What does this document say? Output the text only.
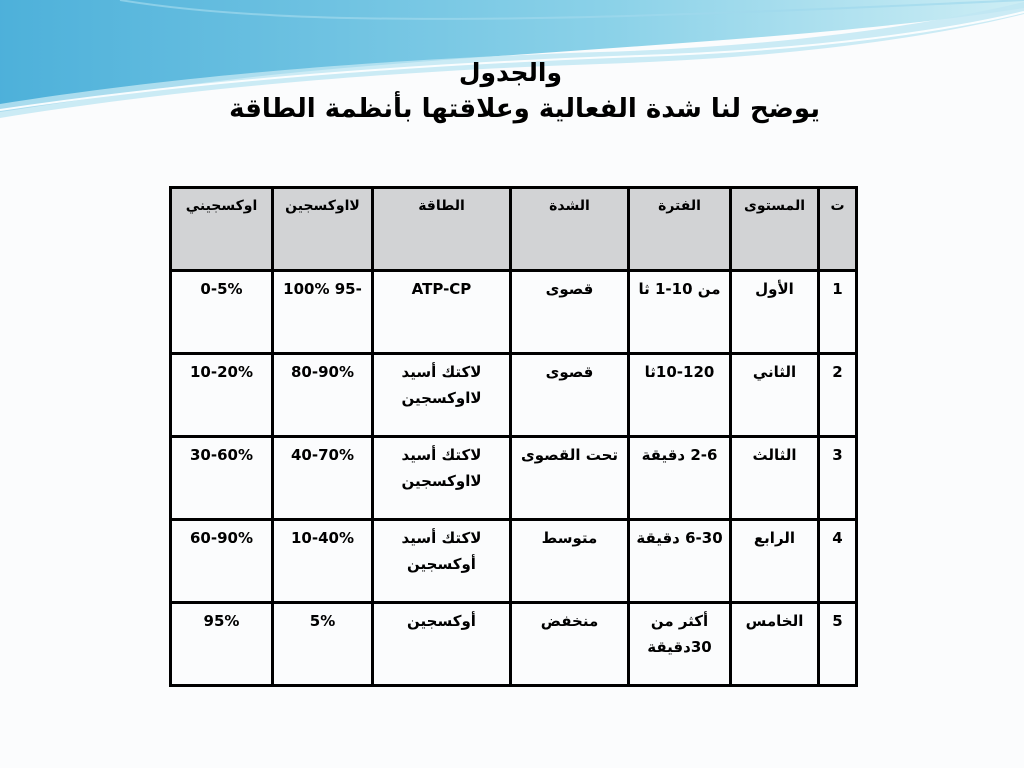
والجدول
يوضح لنا شدة الفعالية وعلاقتها بأنظمة الطاقة
ت	المستوى	الفترة	الشدة	الطاقة	لااوكسجين	اوكسجيني
1	الأول	من 10-1 ثا	قصوى	ATP-CP	-95 100%	0-5%
2	الثاني	10-120ثا	قصوى	لاكتك أسيد لااوكسجين	80-90%	10-20%
3	الثالث	2-6 دقيقة	تحت القصوى	لاكتك أسيد لااوكسجين	40-70%	30-60%
4	الرابع	6-30 دقيقة	متوسط	لاكتك أسيد أوكسجين	10-40%	60-90%
5	الخامس	أكثر من 30دقيقة	منخفض	أوكسجين	5%	95%
